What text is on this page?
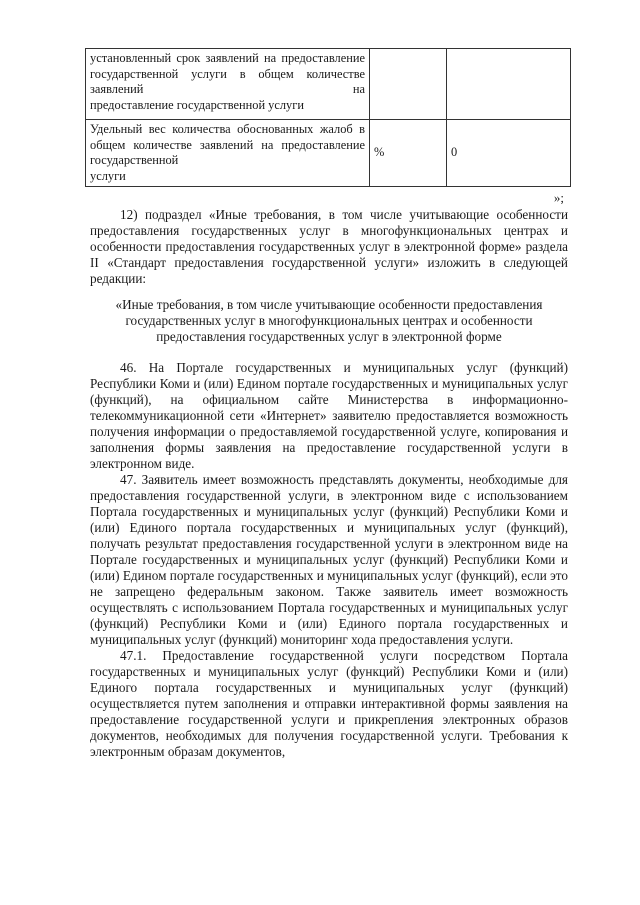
установленный срок заявлений на предоставление государственной услуги в общем количестве заявлений на
предоставление государственной услуги		

Удельный вес количества обоснованных жалоб в общем количестве заявлений на предоставление государственной
услуги	%	0
»;

12) подраздел «Иные требования, в том числе учитывающие особенности предоставления государственных услуг в многофункциональных центрах и особенности предоставления государственных услуг в электронной форме» раздела II «Стандарт предоставления государственной услуги» изложить в следующей редакции:

«Иные требования, в том числе учитывающие особенности предоставления
государственных услуг в многофункциональных центрах и особенности
предоставления государственных услуг в электронной форме

46. На Портале государственных и муниципальных услуг (функций) Республики Коми и (или) Едином портале государственных и муниципальных услуг (функций), на официальном сайте Министерства в информационно-телекоммуникационной сети «Интернет» заявителю предоставляется возможность получения информации о предоставляемой государственной услуге, копирования и заполнения формы заявления на предоставление государственной услуги в электронном виде.

47. Заявитель имеет возможность представлять документы, необходимые для предоставления государственной услуги, в электронном виде с использованием Портала государственных и муниципальных услуг (функций) Республики Коми и (или) Единого портала государственных и муниципальных услуг (функций), получать результат предоставления государственной услуги в электронном виде на Портале государственных и муниципальных услуг (функций) Республики Коми и (или) Едином портале государственных и муниципальных услуг (функций), если это не запрещено федеральным законом. Также заявитель имеет возможность осуществлять с использованием Портала государственных и муниципальных услуг (функций) Республики Коми и (или) Единого портала государственных и муниципальных услуг (функций) мониторинг хода предоставления услуги.

47.1. Предоставление государственной услуги посредством Портала государственных и муниципальных услуг (функций) Республики Коми и (или) Единого портала государственных и муниципальных услуг (функций) осуществляется путем заполнения и отправки интерактивной формы заявления на предоставление государственной услуги и прикрепления электронных образов документов, необходимых для получения государственной услуги. Требования к электронным образам документов,
